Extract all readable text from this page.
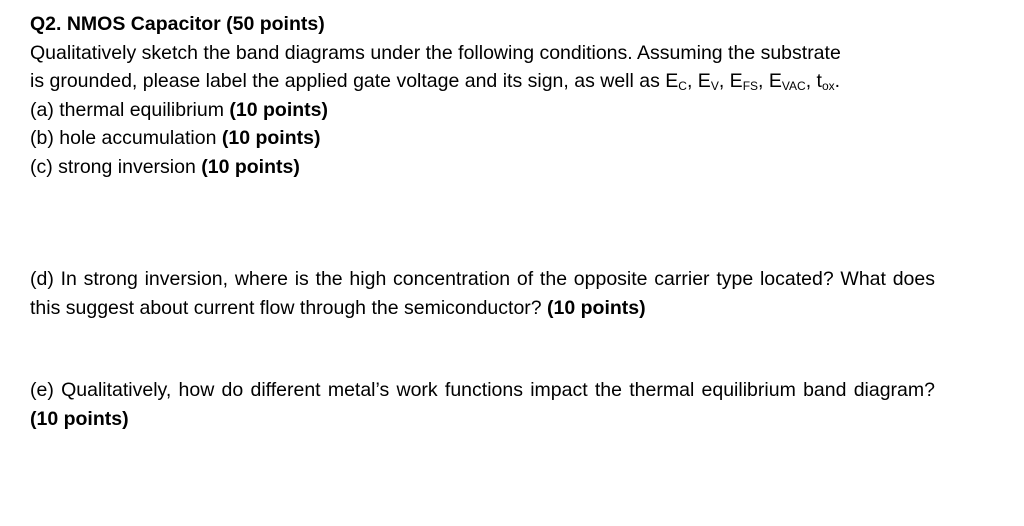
Q2. NMOS Capacitor (50 points)
Qualitatively sketch the band diagrams under the following conditions. Assuming the substrate
is grounded, please label the applied gate voltage and its sign, as well as $E_C$, $E_V$, $E_{FS}$, $E_{VAC}$, $t_{ox}$.
(a) thermal equilibrium (10 points)
(b) hole accumulation (10 points)
(c) strong inversion (10 points)
(d) In strong inversion, where is the high concentration of the opposite carrier type located? What does this suggest about current flow through the semiconductor? (10 points)
(e) Qualitatively, how do different metal’s work functions impact the thermal equilibrium band diagram? (10 points)
